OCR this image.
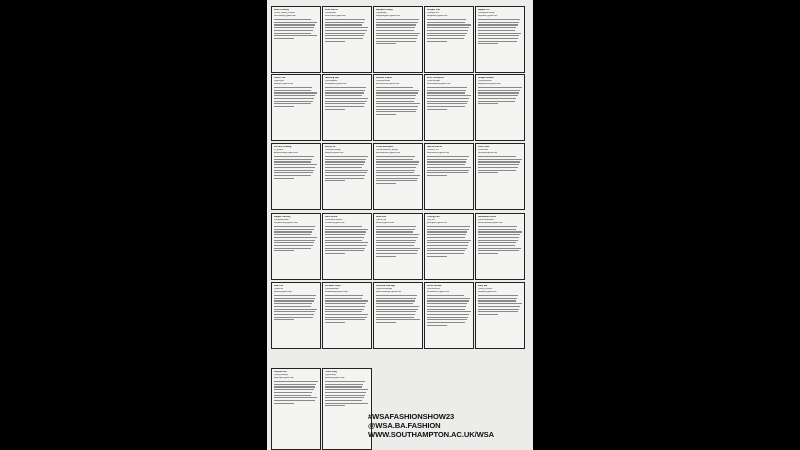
Rose Lindsay
@rose_lindsay_fashion
rose.lindsay@gmail.com
Elise Burns
@eliseburns
elise.burns@gmail.com
Margaret Wang
@mgwdsgn
wangmargaret@gmail.com
Imogen Lau
@imogen.lau
imogenlau@gmail.com
Megan Lin
@meganlin.design
meganlin@gmail.com
Julien Yue
@jyue.jyue
julienyue@gmail.com
Hanbing Wei
@hanbingwei
hanbingwei@gmail.com
Eleanor Evans
@eleanorevans
eleanorevans@gmail.com
Ellie Thompson
@ellie.designs
elliethompson@gmail.com
Abigail Walker
@abigailwalker
abigailwalker@gmail.com
Gordon Zhuang
@_gordon
gordonzhuang@gmail.com
Wenyi Xu
@wenyixu.design
wenyixu@gmail.com
Lottie Matthews
@lottiematthews_design
lottiematthews@gmail.com
Sienna Harris
@sienna_hrr
siennaharris@gmail.com
Chen Xiao
@chenxiao
chenxiao@gmail.com
Megan Tuminiy
@megantuminiy
megantuminiy@gmail.com
Ruth Stone
@ruthstone.fashion
ruthstone@gmail.com
Belle Lee
@belle_lee
bellelee@gmail.com
Yutong Fan
@yt_fan
yutongfan@gmail.com
Aleksandra Dinn
@aleksandradinn
aleksandradinn@gmail.com
Eden Xu
@eden.xu
edenxu@gmail.com
Annabel Boyd
@annabelboyd
annabelboyd@gmail.com
Jasmine Aldridge
@jasminealdridge
jasminealdridge@gmail.com
Anna Vanstie
@annavanstie
annavanstie@gmail.com
Mary Ma
@mary_fashion
maryma@gmail.com
Junyue Gui
@junyuedesign
junyuegui@gmail.com
Yuxin Ding
@yuxinding
yuxinding@gmail.com
#WSAFASHIONSHOW23
@WSA.BA.FASHION
WWW.SOUTHAMPTON.AC.UK/WSA
